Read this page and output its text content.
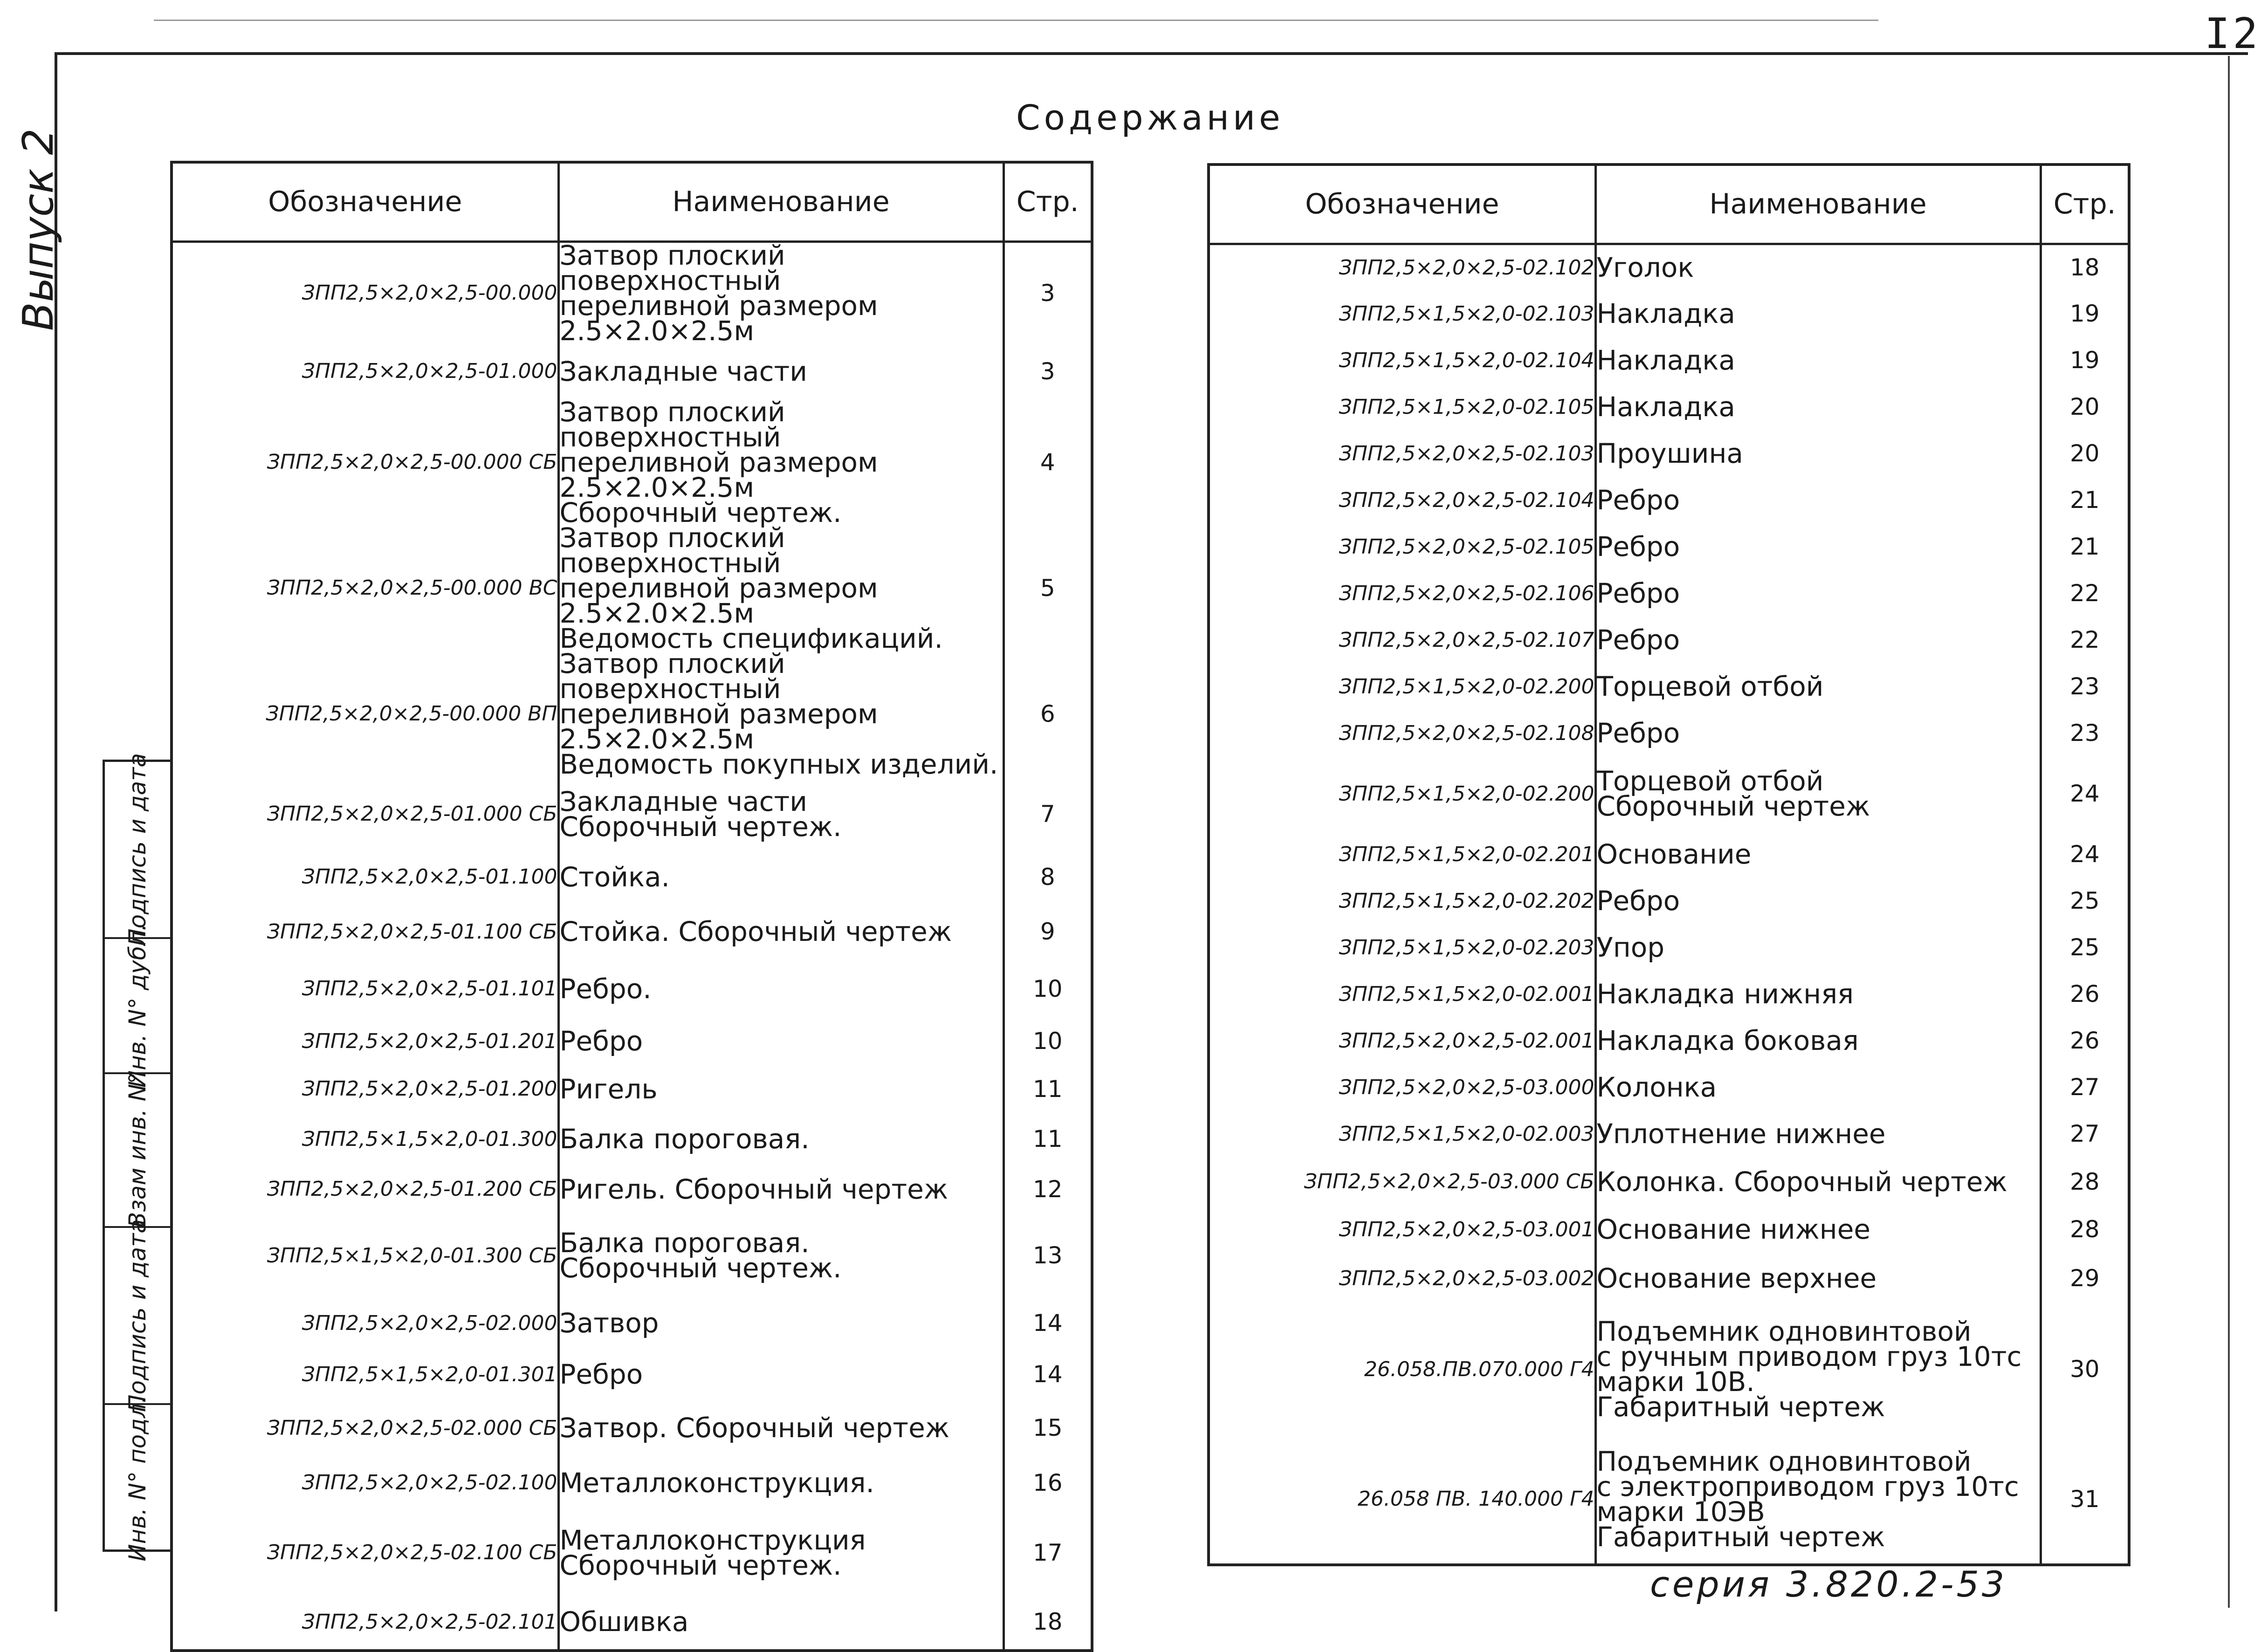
I2
Выпуск 2
Содержание
Подпись и дата
Инв. N° дубл.
Взам инв. N°
Подпись и дата
Инв. N° подл.
Обозначение	Наименование	Стр.
ЗПП2,5×2,0×2,5-00.000	Затвор плоский поверхностный
переливной размером 2.5×2.0×2.5м	3
ЗПП2,5×2,0×2,5-01.000	Закладные части	3
ЗПП2,5×2,0×2,5-00.000 СБ	Затвор плоский поверхностный
переливной размером 2.5×2.0×2.5м
Сборочный чертеж.	4
ЗПП2,5×2,0×2,5-00.000 ВС	Затвор плоский поверхностный
переливной размером 2.5×2.0×2.5м
Ведомость спецификаций.	5
ЗПП2,5×2,0×2,5-00.000 ВП	Затвор плоский поверхностный
переливной размером 2.5×2.0×2.5м
Ведомость покупных изделий.	6
ЗПП2,5×2,0×2,5-01.000 СБ	Закладные части
Сборочный чертеж.	7
ЗПП2,5×2,0×2,5-01.100	Стойка.	8
ЗПП2,5×2,0×2,5-01.100 СБ	Стойка. Сборочный чертеж	9
ЗПП2,5×2,0×2,5-01.101	Ребро.	10
ЗПП2,5×2,0×2,5-01.201	Ребро	10
ЗПП2,5×2,0×2,5-01.200	Ригель	11
ЗПП2,5×1,5×2,0-01.300	Балка пороговая.	11
ЗПП2,5×2,0×2,5-01.200 СБ	Ригель. Сборочный чертеж	12
ЗПП2,5×1,5×2,0-01.300 СБ	Балка пороговая.
Сборочный чертеж.	13
ЗПП2,5×2,0×2,5-02.000	Затвор	14
ЗПП2,5×1,5×2,0-01.301	Ребро	14
ЗПП2,5×2,0×2,5-02.000 СБ	Затвор. Сборочный чертеж	15
ЗПП2,5×2,0×2,5-02.100	Металлоконструкция.	16
ЗПП2,5×2,0×2,5-02.100 СБ	Металлоконструкция
Сборочный чертеж.	17
ЗПП2,5×2,0×2,5-02.101	Обшивка	18
Обозначение	Наименование	Стр.
ЗПП2,5×2,0×2,5-02.102	Уголок	18
ЗПП2,5×1,5×2,0-02.103	Накладка	19
ЗПП2,5×1,5×2,0-02.104	Накладка	19
ЗПП2,5×1,5×2,0-02.105	Накладка	20
ЗПП2,5×2,0×2,5-02.103	Проушина	20
ЗПП2,5×2,0×2,5-02.104	Ребро	21
ЗПП2,5×2,0×2,5-02.105	Ребро	21
ЗПП2,5×2,0×2,5-02.106	Ребро	22
ЗПП2,5×2,0×2,5-02.107	Ребро	22
ЗПП2,5×1,5×2,0-02.200	Торцевой отбой	23
ЗПП2,5×2,0×2,5-02.108	Ребро	23
ЗПП2,5×1,5×2,0-02.200	Торцевой отбой
Сборочный чертеж	24
ЗПП2,5×1,5×2,0-02.201	Основание	24
ЗПП2,5×1,5×2,0-02.202	Ребро	25
ЗПП2,5×1,5×2,0-02.203	Упор	25
ЗПП2,5×1,5×2,0-02.001	Накладка нижняя	26
ЗПП2,5×2,0×2,5-02.001	Накладка боковая	26
ЗПП2,5×2,0×2,5-03.000	Колонка	27
ЗПП2,5×1,5×2,0-02.003	Уплотнение нижнее	27
ЗПП2,5×2,0×2,5-03.000 СБ	Колонка. Сборочный чертеж	28
ЗПП2,5×2,0×2,5-03.001	Основание нижнее	28
ЗПП2,5×2,0×2,5-03.002	Основание верхнее	29
26.058.ПВ.070.000 Г4	Подъемник одновинтовой
с ручным приводом груз 10тс
марки 10В.
Габаритный чертеж	30
26.058 ПВ. 140.000 Г4	Подъемник одновинтовой
с электроприводом груз 10тс
марки 10ЭВ
Габаритный чертеж	31
серия 3.820.2-53
